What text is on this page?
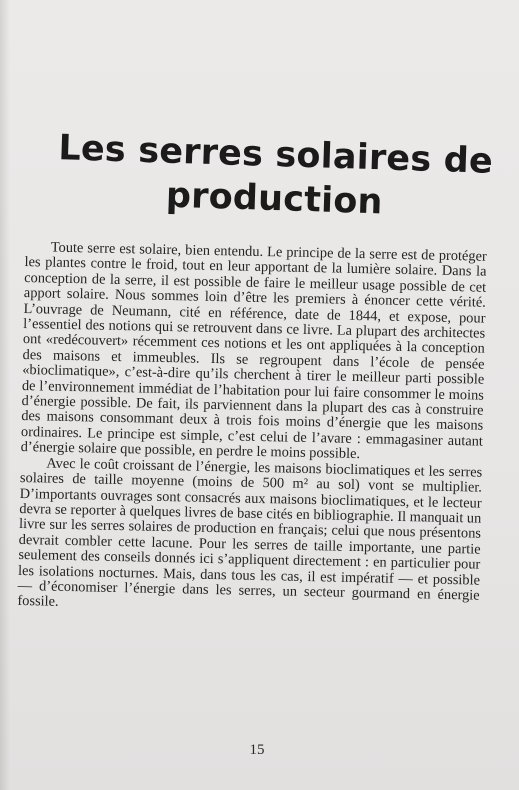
Les serres solaires de
production

Toute serre est solaire, bien entendu. Le principe de la serre est de protéger les plantes contre le froid, tout en leur apportant de la lumière solaire. Dans la conception de la serre, il est possible de faire le meilleur usage possible de cet apport solaire. Nous sommes loin d’être les premiers à énoncer cette vérité. L’ouvrage de Neumann, cité en référence, date de 1844, et expose, pour l’essentiel des notions qui se retrouvent dans ce livre. La plupart des architectes ont «redécouvert» récemment ces notions et les ont appliquées à la conception des maisons et immeubles. Ils se regroupent dans l’école de pensée «bioclimatique», c’est-à-dire qu’ils cherchent à tirer le meilleur parti possible de l’environnement immédiat de l’habitation pour lui faire consommer le moins d’énergie possible. De fait, ils parviennent dans la plupart des cas à construire des maisons consommant deux à trois fois moins d’énergie que les maisons ordinaires. Le principe est simple, c’est celui de l’avare : emmagasiner autant d’énergie solaire que possible, en perdre le moins possible.

Avec le coût croissant de l’énergie, les maisons bioclimatiques et les serres solaires de taille moyenne (moins de 500 m² au sol) vont se multiplier. D’importants ouvrages sont consacrés aux maisons bioclimatiques, et le lecteur devra se reporter à quelques livres de base cités en bibliographie. Il manquait un livre sur les serres solaires de production en français; celui que nous présentons devrait combler cette lacune. Pour les serres de taille importante, une partie seulement des conseils donnés ici s’appliquent directement : en particulier pour les isolations nocturnes. Mais, dans tous les cas, il est impératif — et possible — d’économiser l’énergie dans les serres, un secteur gourmand en énergie fossile.

15
